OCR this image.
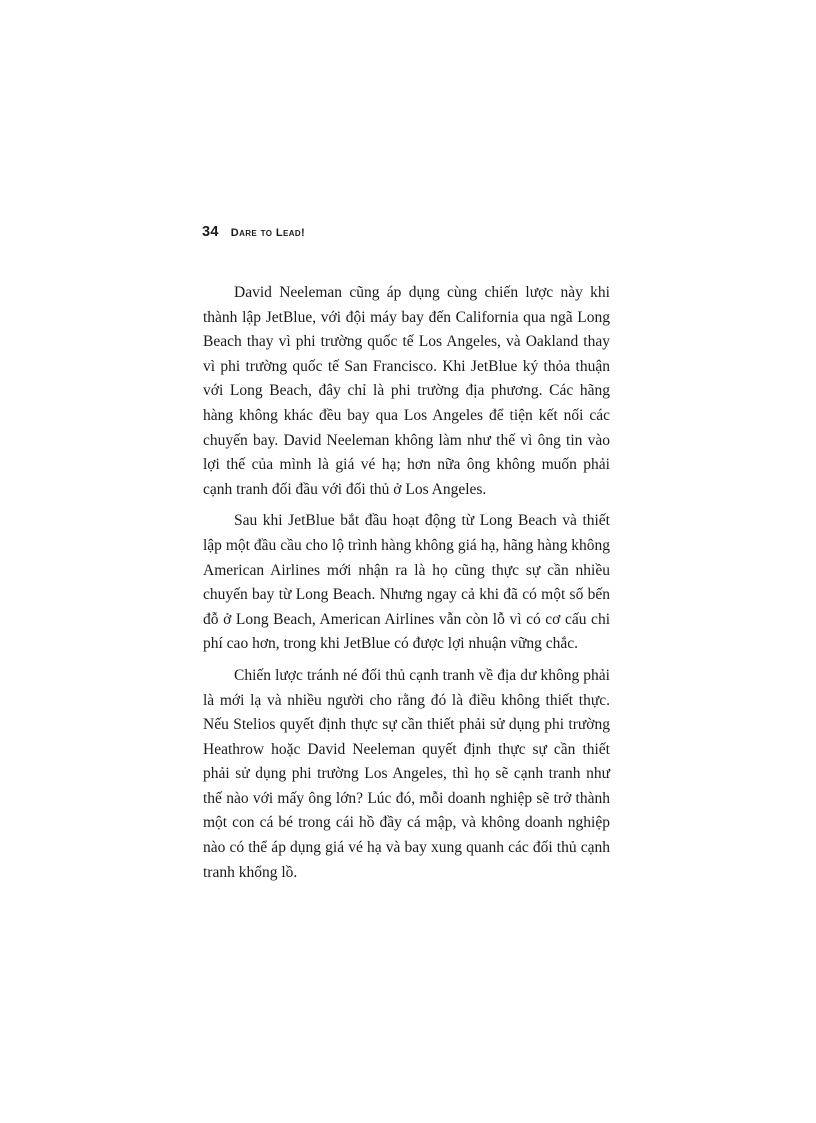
34 Dare to Lead!

David Neeleman cũng áp dụng cùng chiến lược này khi thành lập JetBlue, với đội máy bay đến California qua ngã Long Beach thay vì phi trường quốc tế Los Angeles, và Oakland thay vì phi trường quốc tế San Francisco. Khi JetBlue ký thỏa thuận với Long Beach, đây chỉ là phi trường địa phương. Các hãng hàng không khác đều bay qua Los Angeles để tiện kết nối các chuyến bay. David Neeleman không làm như thế vì ông tin vào lợi thế của mình là giá vé hạ; hơn nữa ông không muốn phải cạnh tranh đối đầu với đối thủ ở Los Angeles.

Sau khi JetBlue bắt đầu hoạt động từ Long Beach và thiết lập một đầu cầu cho lộ trình hàng không giá hạ, hãng hàng không American Airlines mới nhận ra là họ cũng thực sự cần nhiều chuyến bay từ Long Beach. Nhưng ngay cả khi đã có một số bến đỗ ở Long Beach, American Airlines vẫn còn lỗ vì có cơ cấu chi phí cao hơn, trong khi JetBlue có được lợi nhuận vững chắc.

Chiến lược tránh né đối thủ cạnh tranh về địa dư không phải là mới lạ và nhiều người cho rằng đó là điều không thiết thực. Nếu Stelios quyết định thực sự cần thiết phải sử dụng phi trường Heathrow hoặc David Neeleman quyết định thực sự cần thiết phải sử dụng phi trường Los Angeles, thì họ sẽ cạnh tranh như thế nào với mấy ông lớn? Lúc đó, mỗi doanh nghiệp sẽ trở thành một con cá bé trong cái hồ đầy cá mập, và không doanh nghiệp nào có thể áp dụng giá vé hạ và bay xung quanh các đối thủ cạnh tranh khổng lồ.
